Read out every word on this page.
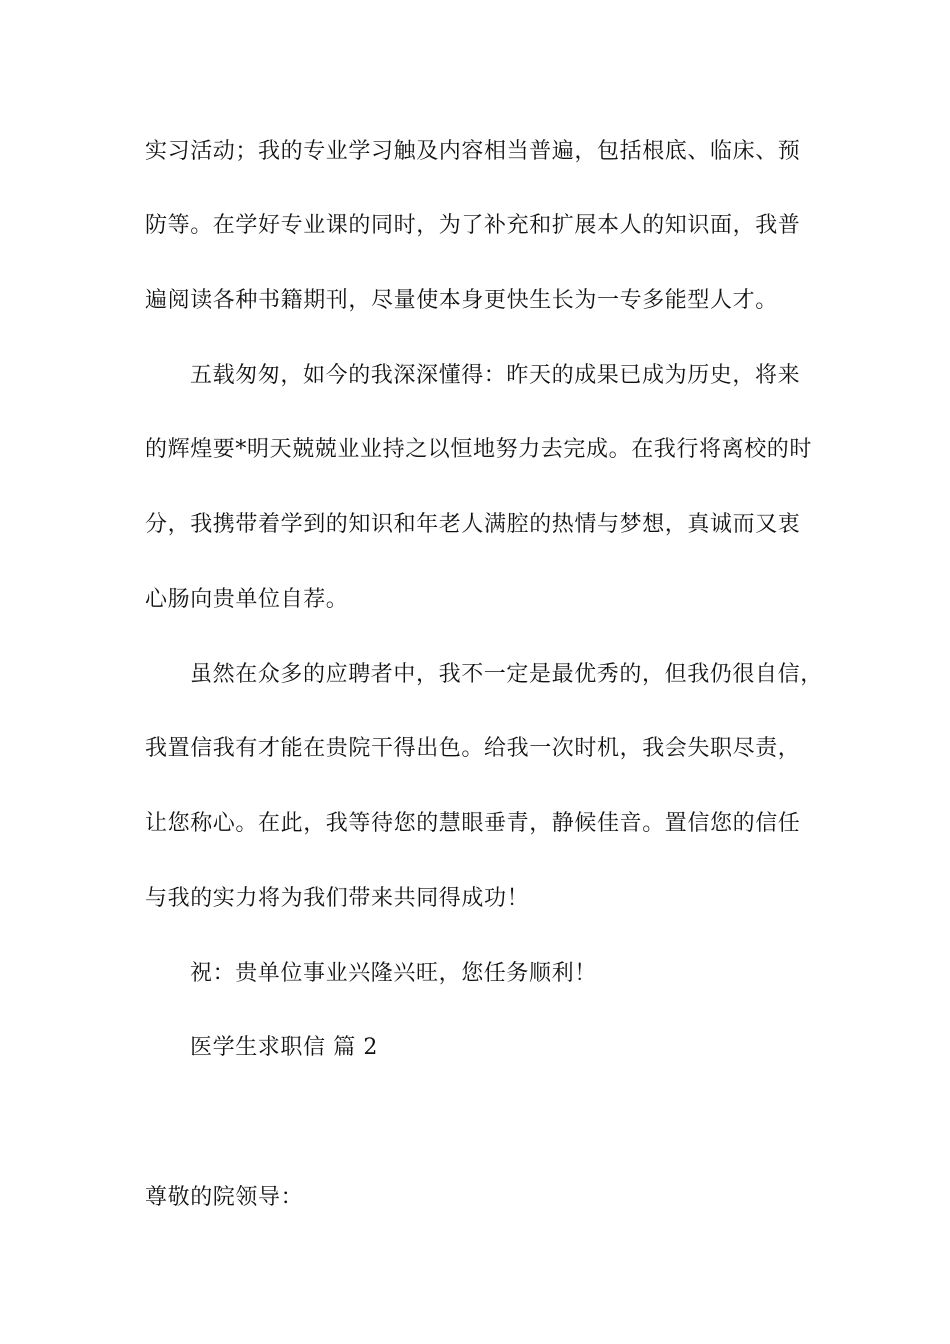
实习活动；我的专业学习触及内容相当普遍，包括根底、临床、预
防等。在学好专业课的同时，为了补充和扩展本人的知识面，我普
遍阅读各种书籍期刊，尽量使本身更快生长为一专多能型人才。
五载匆匆，如今的我深深懂得：昨天的成果已成为历史，将来
的辉煌要*明天兢兢业业持之以恒地努力去完成。在我行将离校的时
分，我携带着学到的知识和年老人满腔的热情与梦想，真诚而又衷
心肠向贵单位自荐。
虽然在众多的应聘者中，我不一定是最优秀的，但我仍很自信，
我置信我有才能在贵院干得出色。给我一次时机，我会失职尽责，
让您称心。在此，我等待您的慧眼垂青，静候佳音。置信您的信任
与我的实力将为我们带来共同得成功！
祝：贵单位事业兴隆兴旺，您任务顺利！
医学生求职信 篇 2
尊敬的院领导：
